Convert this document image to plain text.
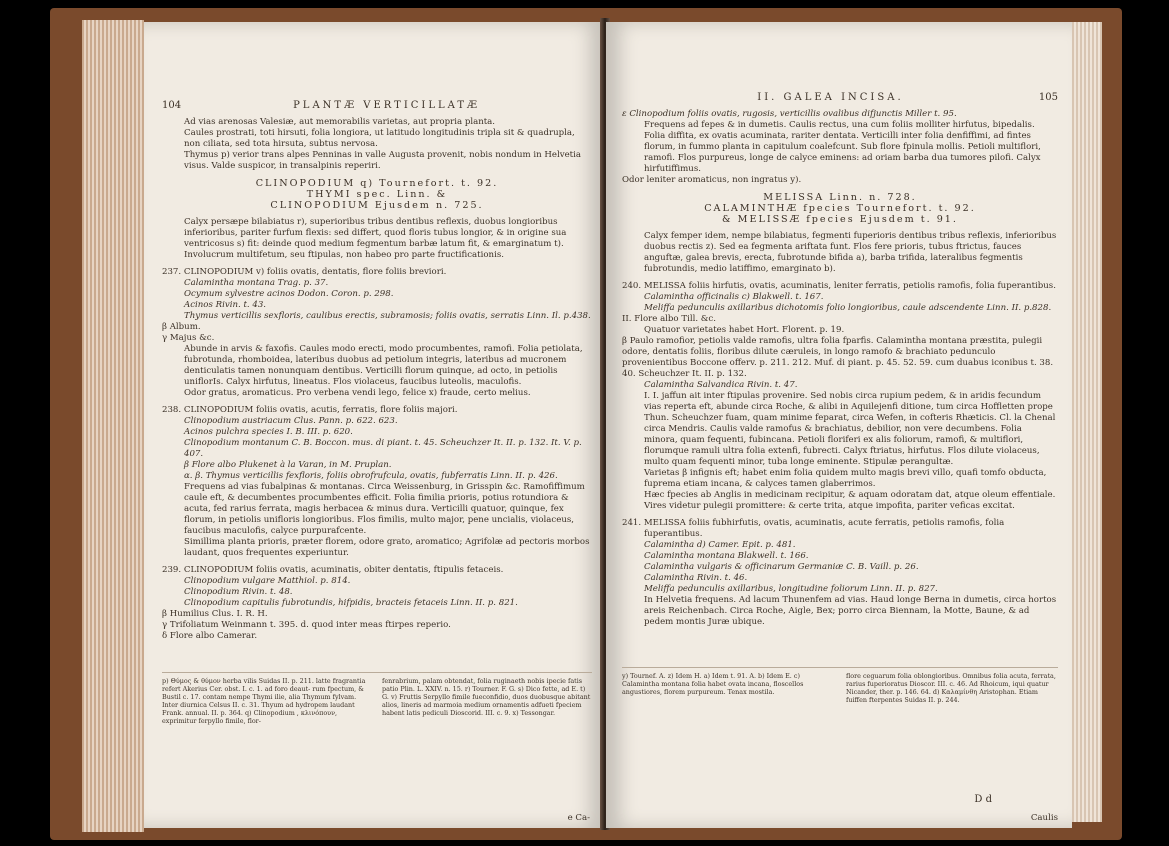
104	PLANTÆ VERTICILLATÆ

Ad vias arenosas Valesiæ, aut memorabilis varietas, aut propria planta.

Caules prostrati, toti hirsuti, folia longiora, ut latitudo longitudinis tripla sit & quadrupla, non ciliata, sed tota hirsuta, subtus nervosa.

Thymus p) verior trans alpes Penninas in valle Augusta provenit, nobis nondum in Helvetia visus. Valde suspicor, in transalpinis reperiri.

CLINOPODIUM q) Tournefort. t. 92.

THYMI spec. Linn. &

CLINOPODIUM Ejusdem n. 725.

Calyx persæpe bilabiatus r), superioribus tribus dentibus reflexis, duobus longioribus inferioribus, pariter furfum flexis: sed differt, quod floris tubus longior, & in origine sua ventricosus s) fit: deinde quod medium fegmentum barbæ latum fit, & emarginatum t). Involucrum multifetum, seu ftipulas, non habeo pro parte fructificationis.

237. CLINOPODIUM v) foliis ovatis, dentatis, flore foliis breviori.

Calamintha montana Trag. p. 37.

Ocymum sylvestre acinos Dodon. Coron. p. 298.

Acinos Rivin. t. 43.

Thymus verticillis sexfloris, caulibus erectis, subramosis; foliis ovatis, serratis Linn. Il. p.438.

β Album.

γ Majus &c.

Abunde in arvis & faxofis. Caules modo erecti, modo procumbentes, ramofi. Folia petiolata, fubrotunda, rhomboidea, lateribus duobus ad petiolum integris, lateribus ad mucronem denticulatis tamen nonunquam dentibus. Verticilli florum quinque, ad octo, in petiolis uniflorIs. Calyx hirfutus, lineatus. Flos violaceus, faucibus luteolis, maculofis.

Odor gratus, aromaticus. Pro verbena vendi lego, felice x) fraude, certo melius.

238. CLINOPODIUM foliis ovatis, acutis, ferratis, flore foliis majori.

Clinopodium austriacum Clus. Pann. p. 622. 623.

Acinos pulchra species I. B. III. p. 620.

Clinopodium montanum C. B. Boccon. mus. di piant. t. 45. Scheuchzer It. II. p. 132. It. V. p. 407.

β Flore albo Plukenet à la Varan, in M. Pruplan.

α. β. Thymus verticillis fexfloris, foliis obrofrufcula, ovatis, fubferratis Linn. II. p. 426.

Frequens ad vias fubalpinas & montanas. Circa Weissenburg, in Grisspin &c. Ramofiffimum caule eft, & decumbentes procumbentes efficit. Folia fimilia prioris, potius rotundiora & acuta, fed rarius ferrata, magis herbacea & minus dura. Verticilli quatuor, quinque, fex florum, in petiolis unifloris longioribus. Flos fimilis, multo major, pene uncialis, violaceus, faucibus maculofis, calyce purpurafcente.

Simillima planta prioris, præter florem, odore grato, aromatico; Agrifolæ ad pectoris morbos laudant, quos frequentes experiuntur.

239. CLINOPODIUM foliis ovatis, acuminatis, obiter dentatis, ftipulis fetaceis.

Clinopodium vulgare Matthiol. p. 814.

Clinopodium Rivin. t. 48.

Clinopodium capitulis fubrotundis, hifpidis, bracteis fetaceis Linn. II. p. 821.

β Humilius Clus. I. R. H.

γ Trifoliatum Weinmann t. 395. d. quod inter meas ftirpes reperio.

δ Flore albo Camerar.

p) Θύμος & θύμον herba vilis Suidas II. p. 211. latte fragrantia refert Akerius Cer. obst. I. c. 1. ad foro deaut- rum fpectum, & Bustil c. 17. contam nempe Thymi ilie, alia Thymum fylvam. Inter diurnica Celsus II. c. 31. Thyum ad hydropem laudant Frank. annual. II. p. 364. q) Clinopodium , κλινόπουν, exprimitur ferpyllo fimile, flor-
fenrabrium, palam obtendat, folia ruginaeth nobis ipecie fatis patio Plin. L. XXIV. n. 15. r) Tourner. F. G. s) Dico fette, ad E. t) G. v) Fruttis Serpyllo fimile fueconfidio, duos duobusque abitant alios, lineris ad marmoia medium ornamentis adfueti fpeciem habent latis pediculi Dioscorid. III. c. 9. x) Tessongar.
e Ca-
II. GALEA INCISA.	105

ε Clinopodium foliis ovatis, rugosis, verticillis ovalibus difjunctis Miller t. 95.

Frequens ad fepes & in dumetis. Caulis rectus, una cum foliis molliter hirfutus, bipedalis. Folia diffita, ex ovatis acuminata, rariter dentata. Verticilli inter folia denfiffimi, ad fintes florum, in fummo planta in capitulum coalefcunt. Sub flore fpinula mollis. Petioli multiflori, ramofi. Flos purpureus, longe de calyce eminens: ad oriam barba dua tumores pilofi. Calyx hirfutiffimus.

Odor leniter aromaticus, non ingratus y).

MELISSA Linn. n. 728.

CALAMINTHÆ fpecies Tournefort. t. 92.

& MELISSÆ fpecies Ejusdem t. 91.

Calyx femper idem, nempe bilabiatus, fegmenti fuperioris dentibus tribus reflexis, inferioribus duobus rectis z). Sed ea fegmenta ariftata funt. Flos fere prioris, tubus ftrictus, fauces anguftæ, galea brevis, erecta, fubrotunde bifida a), barba trifida, lateralibus fegmentis fubrotundis, medio latiffimo, emarginato b).

240. MELISSA foliis hirfutis, ovatis, acuminatis, leniter ferratis, petiolis ramofis, folia fuperantibus.

Calamintha officinalis c) Blakwell. t. 167.

Meliffa pedunculis axillaribus dichotomis folio longioribus, caule adscendente Linn. II. p.828.

II. Flore albo Till. &c.

Quatuor varietates habet Hort. Florent. p. 19.

β Paulo ramofior, petiolis valde ramofis, ultra folia fparfis. Calamintha montana præstita, pulegii odore, dentatis foliis, floribus dilute cæruleis, in longo ramofo & brachiato pedunculo provenientibus Boccone offerv. p. 211. 212. Muf. di piant. p. 45. 52. 59. cum duabus iconibus t. 38. 40. Scheuchzer It. II. p. 132.

Calamintha Salvandica Rivin. t. 47.

I. I. jaffun ait inter ftipulas provenire. Sed nobis circa rupium pedem, & in aridis fecundum vias reperta eft, abunde circa Roche, & alibi in Aquilejenfi ditione, tum circa Hoffletten prope Thun. Scheuchzer fuam, quam minime feparat, circa Wefen, in cofteris Rhæticis. Cl. la Chenal circa Mendris. Caulis valde ramofus & brachiatus, debilior, non vere decumbens. Folia minora, quam fequenti, fubincana. Petioli floriferi ex alis foliorum, ramofi, & multiflori, florumque ramuli ultra folia extenfi, fubrecti. Calyx ftriatus, hirfutus. Flos dilute violaceus, multo quam fequenti minor, tuba longe eminente. Stipulæ perangultæ.

Varietas β infignis eft; habet enim folia quidem multo magis brevi villo, quafi tomfo obducta, fuprema etiam incana, & calyces tamen glaberrimos.

Hæc fpecies ab Anglis in medicinam recipitur, & aquam odoratam dat, atque oleum effentiale. Vires videtur pulegii promittere: & certe trita, atque impofita, pariter veficas excitat.

241. MELISSA foliis fubhirfutis, ovatis, acuminatis, acute ferratis, petiolis ramofis, folia fuperantibus.

Calamintha d) Camer. Epit. p. 481.

Calamintha montana Blakwell. t. 166.

Calamintha vulgaris & officinarum Germaniæ C. B. Vaill. p. 26.

Calamintha Rivin. t. 46.

Meliffa pedunculis axillaribus, longitudine foliorum Linn. II. p. 827.

In Helvetia frequens. Ad lacum Thunenfem ad vias. Haud longe Berna in dumetis, circa hortos areis Reichenbach. Circa Roche, Aigle, Bex; porro circa Biennam, la Motte, Baune, & ad pedem montis Juræ ubique.

y) Tournef. A. z) Idem H. a) Idem t. 91. A. b) Idem E. c) Calamintha montana folia habet ovata incana, floscellos angustiores, florem purpureum. Tenax mostila.
flore ceguarum folia oblongioribus. Omnibus folia acuta, ferrata, rarius fuperioratus Dioscor. III. c. 46. Ad Rhoicum, iqui quatur Nicander, ther. p. 146. 64. d) Καλαμίνθη Aristophan. Etiam fuiffen fterpentes Suidas II. p. 244.
D d
Caulis
